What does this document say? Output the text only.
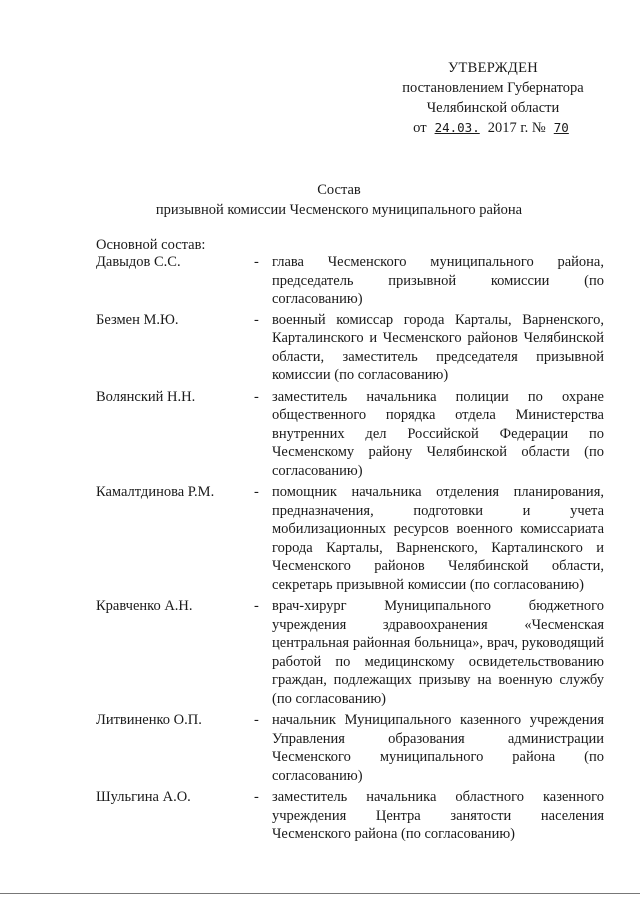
УТВЕРЖДЕН
постановлением Губернатора
Челябинской области
от 24.03. 2017 г. № 70
Состав
призывной комиссии Чесменского муниципального района
Основной состав:
Давыдов С.С.	- глава Чесменского муниципального района, председатель призывной комиссии (по согласованию)
Безмен М.Ю.	- военный комиссар города Карталы, Варненского, Карталинского и Чесменского районов Челябинской области, заместитель председателя призывной комиссии (по согласованию)
Волянский Н.Н.	- заместитель начальника полиции по охране общественного порядка отдела Министерства внутренних дел Российской Федерации по Чесменскому району Челябинской области (по согласованию)
Камалтдинова Р.М.	- помощник начальника отделения планирования, предназначения, подготовки и учета мобилизационных ресурсов военного комиссариата города Карталы, Варненского, Карталинского и Чесменского районов Челябинской области, секретарь призывной комиссии (по согласованию)
Кравченко А.Н.	- врач-хирург Муниципального бюджетного учреждения здравоохранения «Чесменская центральная районная больница», врач, руководящий работой по медицинскому освидетельствованию граждан, подлежащих призыву на военную службу (по согласованию)
Литвиненко О.П.	- начальник Муниципального казенного учреждения Управления образования администрации Чесменского муниципального района (по согласованию)
Шульгина А.О.	- заместитель начальника областного казенного учреждения Центра занятости населения Чесменского района (по согласованию)
